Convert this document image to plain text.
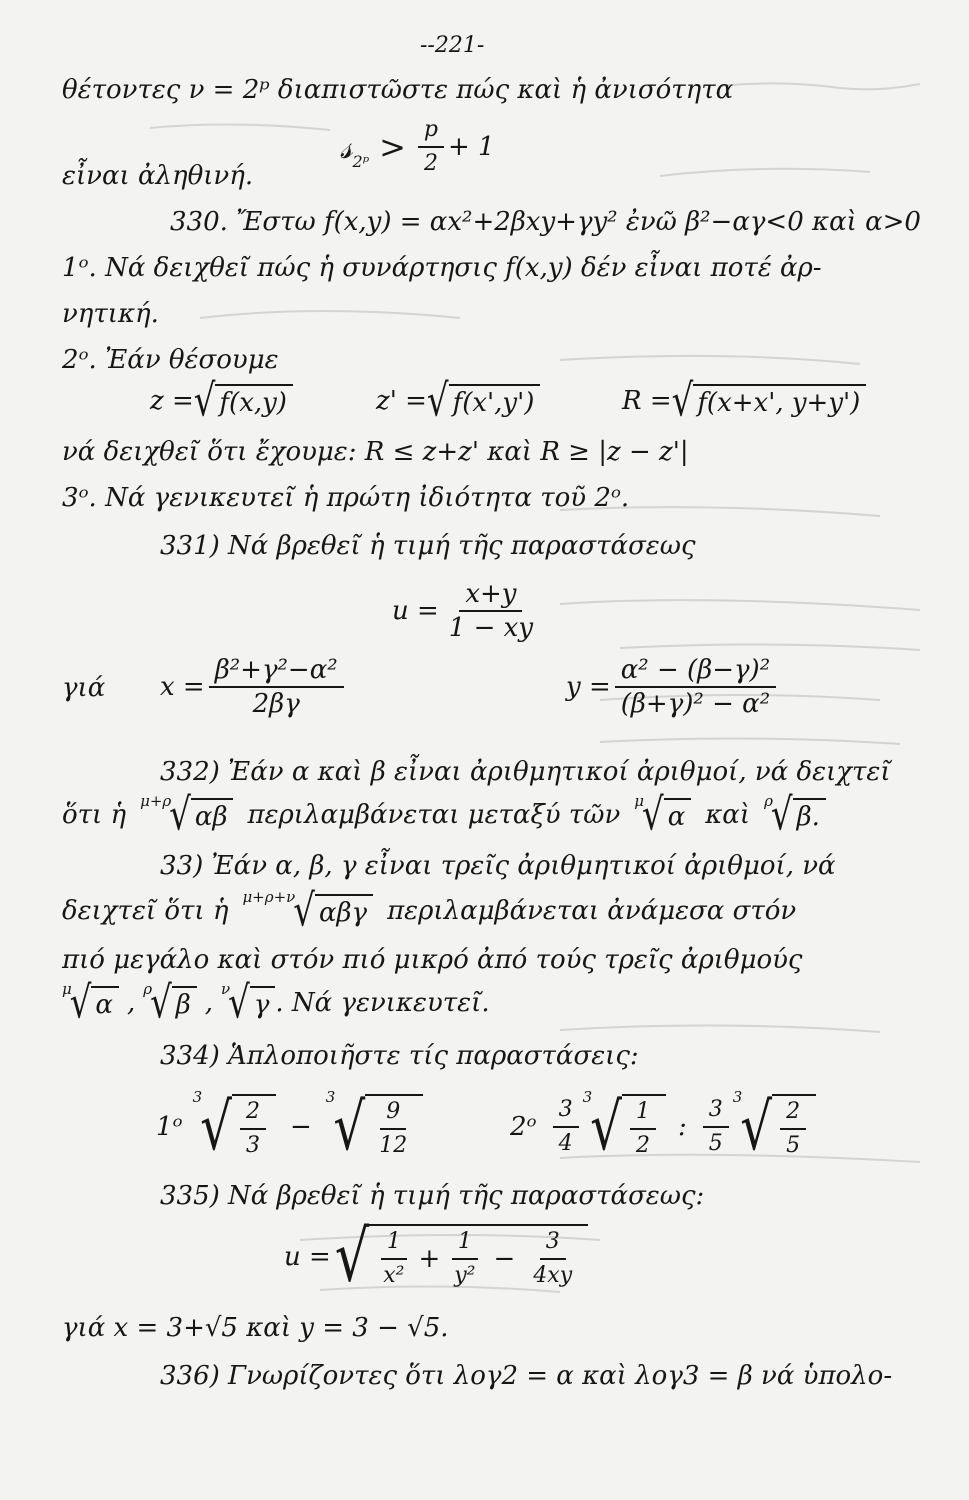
--221-
θέτοντες ν = 2ᵖ διαπιστῶστε πώς καὶ ἡ ἀνισότητα
𝓈 2ᵖ > $\frac{p}{2} + 1$
εἶναι ἀληθινή.
330. Ἔστω f(x,y) = αx²+2βxy+γy² ἐνῶ β²−αγ<0 καὶ α>0
1ᵒ. Νά δειχθεῖ πώς ἡ συνάρτησις f(x,y) δέν εἶναι ποτέ ἀρ-
νητική.
2ᵒ. Ἐάν θέσουμε
z = √ f(x,y)	z' = √ f(x',y')	R = √ f(x+x', y+y')
νά δειχθεῖ ὅτι ἔχουμε: R ≤ z+z' καὶ R ≥ |z − z'|
3ᵒ. Νά γενικευτεῖ ἡ πρώτη ἰδιότητα τοῦ 2ᵒ.
331) Νά βρεθεῖ ἡ τιμή τῆς παραστάσεως
$u = \frac{x+y}{1 - xy}$
γιά $x = \frac{\text{β²+γ²−α²}}{2\beta\gamma}$	$y = \frac{\text{α² − (β−γ)²}}{\text{(β+γ)² − α²}}$
332) Ἐάν α καὶ β εἶναι ἀριθμητικοί ἀριθμοί, νά δειχτεῖ
ὅτι ἡ μ+ρ
√ αβ περιλαμβάνεται μεταξύ τῶν μ
√ α καὶ ρ
√ β.
33) Ἐάν α, β, γ εἶναι τρεῖς ἀριθμητικοί ἀριθμοί, νά
δειχτεῖ ὅτι ἡ μ+ρ+ν
√ αβγ περιλαμβάνεται ἀνάμεσα στόν
πιό μεγάλο καὶ στόν πιό μικρό ἀπό τούς τρεῖς ἀριθμούς
μ
√ α , ρ
√ β , ν
√ γ . Νά γενικευτεῖ.
334) Ἁπλοποιῆστε τίς παραστάσεις:
1ᵒ
3
√ $\frac{2}{3}$ −
3
√ $\frac{9}{12}$	2ᵒ $\frac{3}{4} 3$
√ $\frac{1}{2}$ : $\frac{3}{5} 3$
√ $\frac{2}{5}$
335) Νά βρεθεῖ ἡ τιμή τῆς παραστάσεως:
u = √ $\frac{1}{\text{x²}} + \frac{1}{\text{y²}} - \frac{3}{4xy}$
γιά x = 3+√5 καὶ y = 3 − √5.
336) Γνωρίζοντες ὅτι λογ2 = α καὶ λογ3 = β νά ὑπολο-
